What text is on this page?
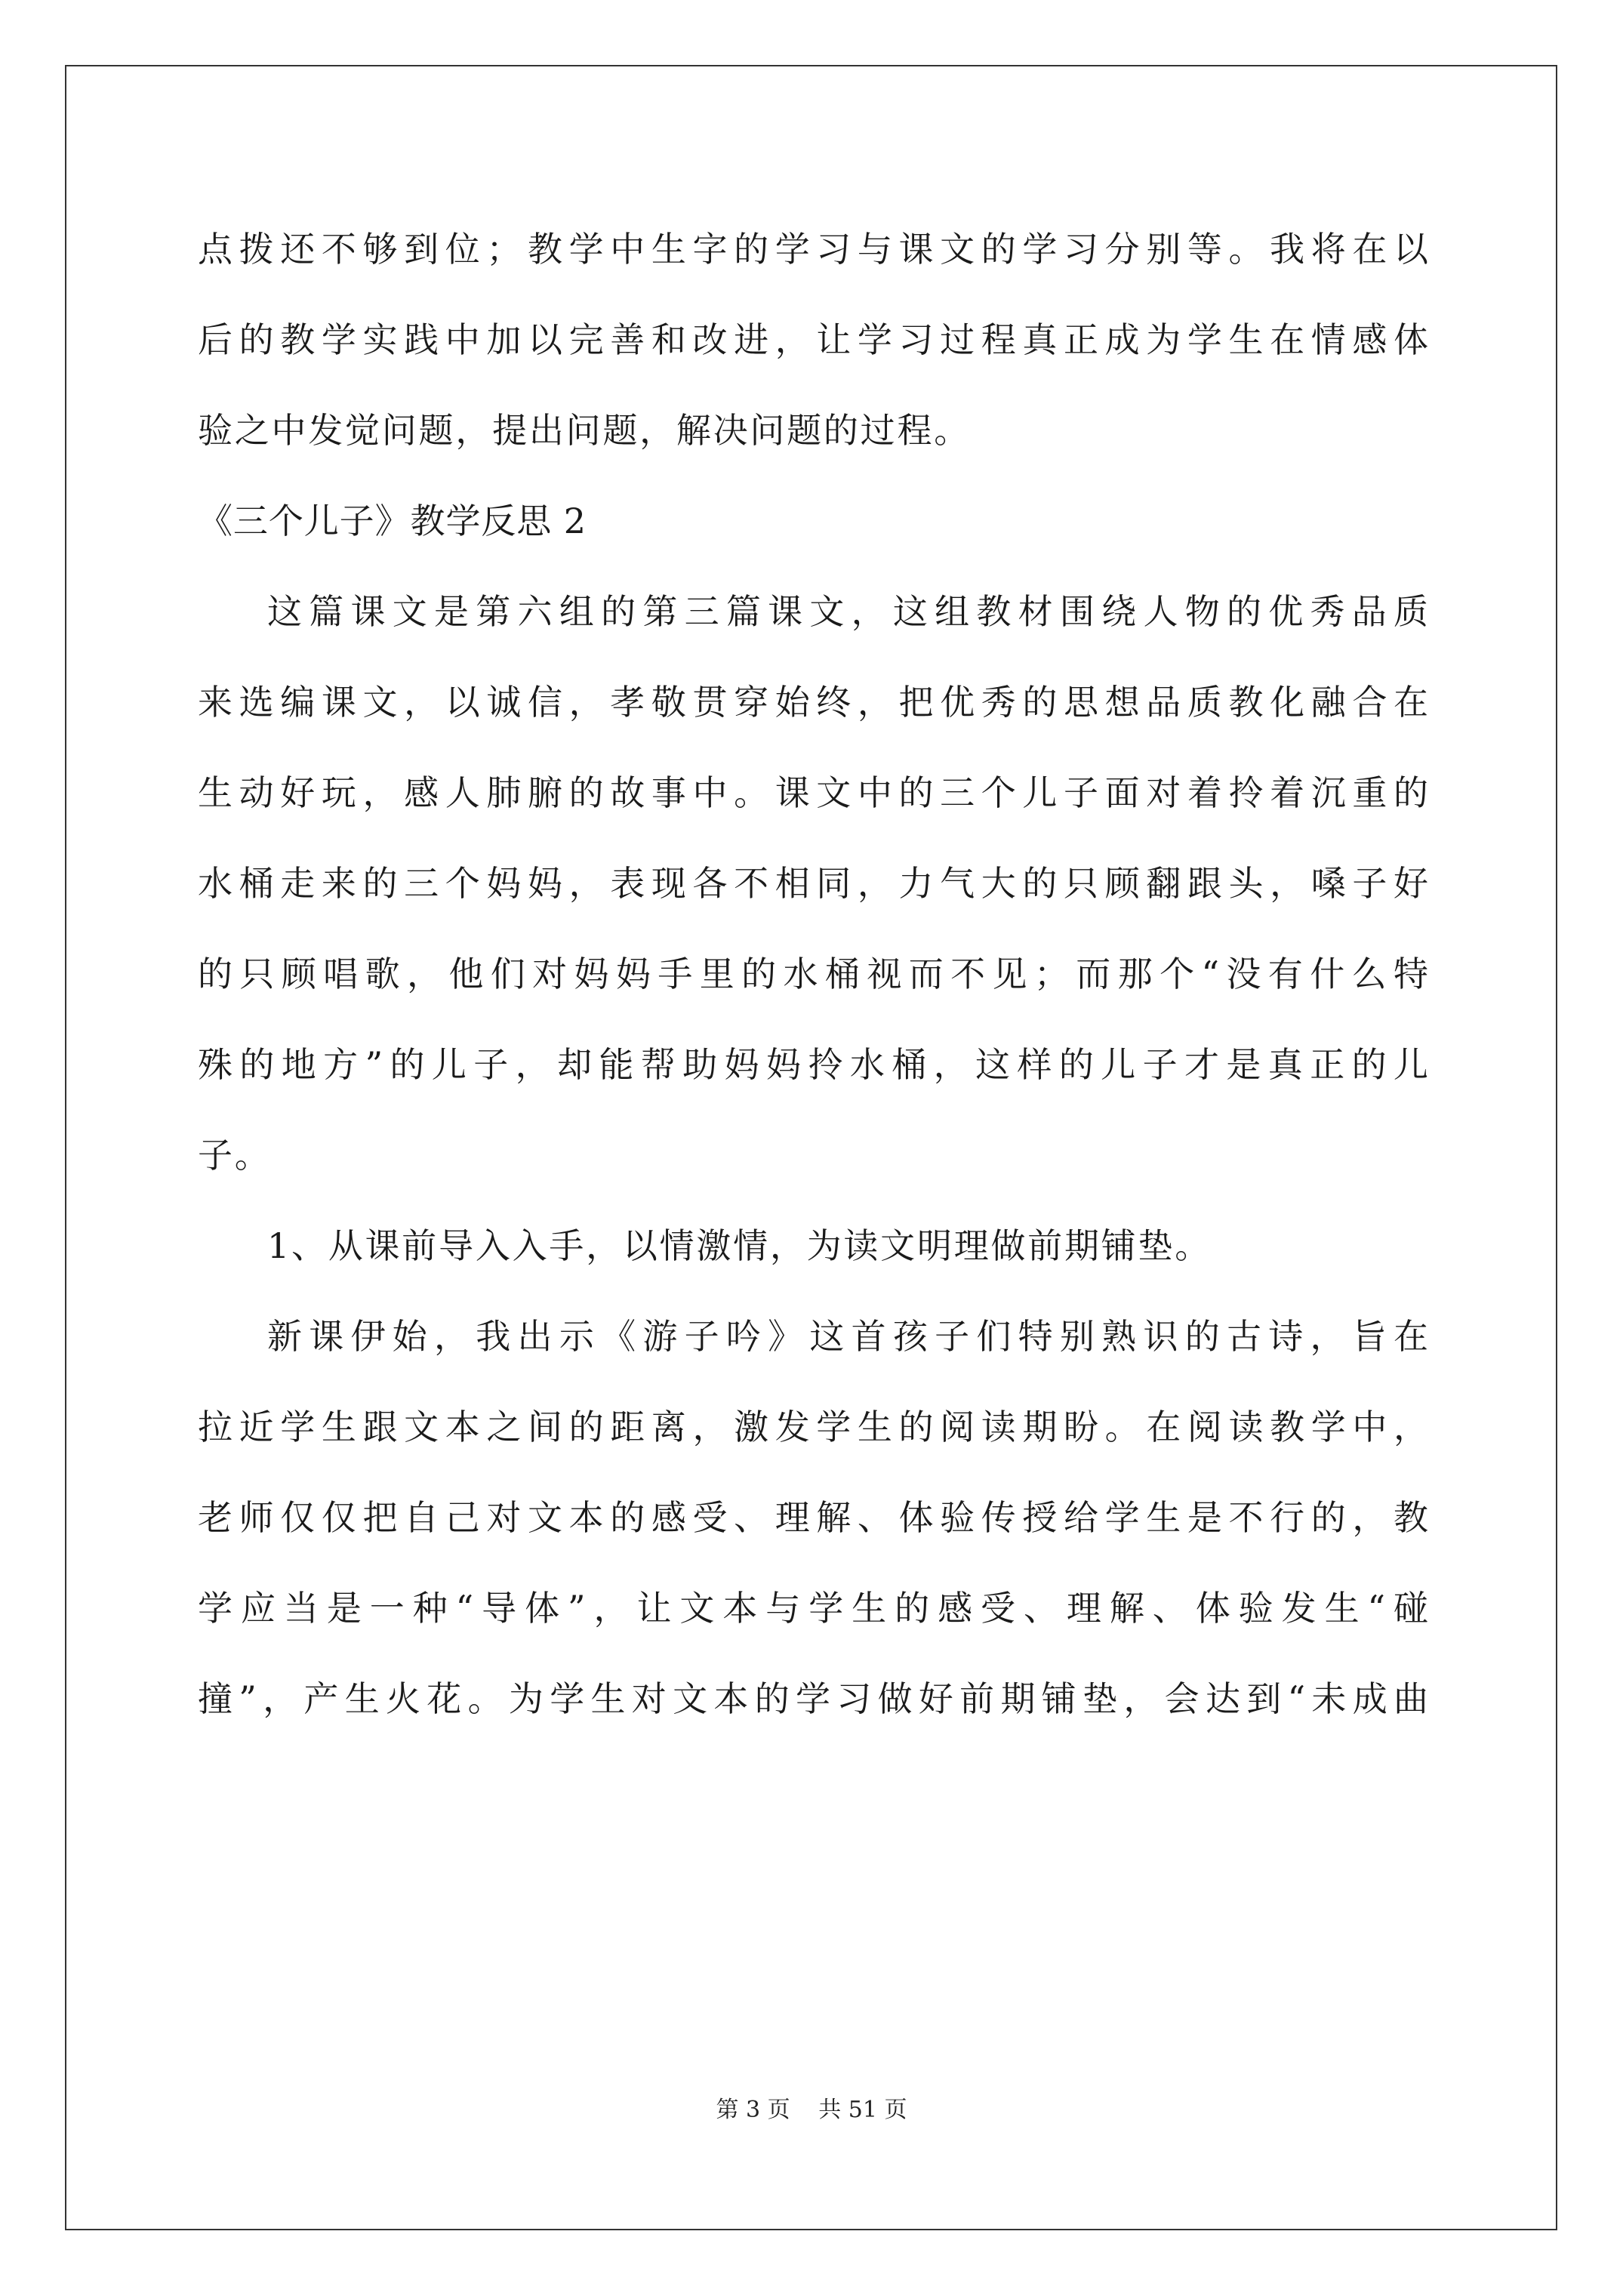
点拨还不够到位；教学中生字的学习与课文的学习分别等。我将在以
后的教学实践中加以完善和改进，让学习过程真正成为学生在情感体
验之中发觉问题，提出问题，解决问题的过程。
《三个儿子》教学反思 2
这篇课文是第六组的第三篇课文，这组教材围绕人物的优秀品质
来选编课文，以诚信，孝敬贯穿始终，把优秀的思想品质教化融合在
生动好玩，感人肺腑的故事中。课文中的三个儿子面对着拎着沉重的
水桶走来的三个妈妈，表现各不相同，力气大的只顾翻跟头，嗓子好
的只顾唱歌，他们对妈妈手里的水桶视而不见；而那个“没有什么特
殊的地方”的儿子，却能帮助妈妈拎水桶，这样的儿子才是真正的儿
子。
1、从课前导入入手，以情激情，为读文明理做前期铺垫。
新课伊始，我出示《游子吟》这首孩子们特别熟识的古诗，旨在
拉近学生跟文本之间的距离，激发学生的阅读期盼。在阅读教学中，
老师仅仅把自己对文本的感受、理解、体验传授给学生是不行的，教
学应当是一种“导体”，让文本与学生的感受、理解、体验发生“碰
撞”，产生火花。为学生对文本的学习做好前期铺垫，会达到“未成曲
第 3 页 共 51 页
